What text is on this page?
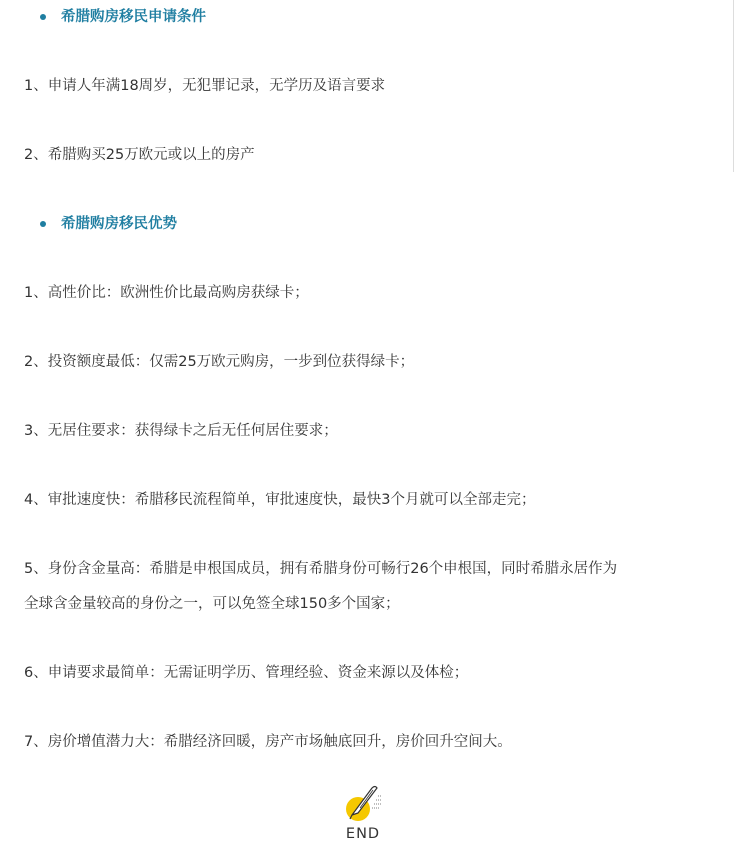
希腊购房移民申请条件
1、申请人年满18周岁，无犯罪记录，无学历及语言要求
2、希腊购买25万欧元或以上的房产
希腊购房移民优势
1、高性价比：欧洲性价比最高购房获绿卡；
2、投资额度最低：仅需25万欧元购房，一步到位获得绿卡；
3、无居住要求：获得绿卡之后无任何居住要求；
4、审批速度快：希腊移民流程简单，审批速度快，最快3个月就可以全部走完；
5、身份含金量高：希腊是申根国成员，拥有希腊身份可畅行26个申根国，同时希腊永居作为
全球含金量较高的身份之一，可以免签全球150多个国家；
6、申请要求最简单：无需证明学历、管理经验、资金来源以及体检；
7、房价增值潜力大：希腊经济回暖，房产市场触底回升，房价回升空间大。
END
